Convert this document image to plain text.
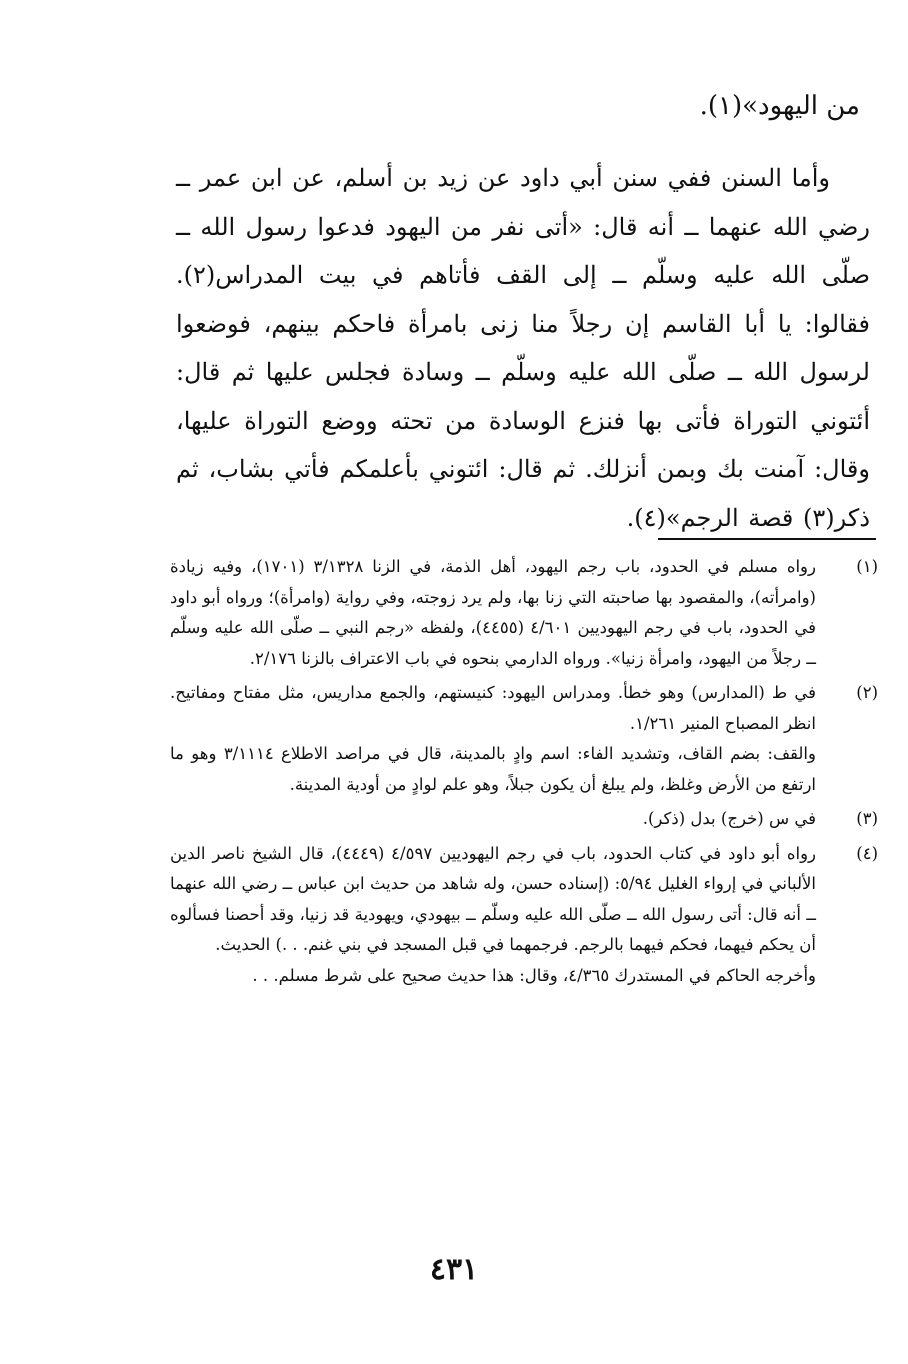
من اليهود»(١).

وأما السنن ففي سنن أبي داود عن زيد بن أسلم، عن ابن عمر ــ رضي الله عنهما ــ أنه قال: «أتى نفر من اليهود فدعوا رسول الله ــ صلّى الله عليه وسلّم ــ إلى القف فأتاهم في بيت المدراس(٢). فقالوا: يا أبا القاسم إن رجلاً منا زنى بامرأة فاحكم بينهم، فوضعوا لرسول الله ــ صلّى الله عليه وسلّم ــ وسادة فجلس عليها ثم قال: أئتوني التوراة فأتى بها فنزع الوسادة من تحته ووضع التوراة عليها، وقال: آمنت بك وبمن أنزلك. ثم قال: ائتوني بأعلمكم فأتي بشاب، ثم ذكر(٣) قصة الرجم»(٤).

(١)

رواه مسلم في الحدود، باب رجم اليهود، أهل الذمة، في الزنا ٣/١٣٢٨ (١٧٠١)، وفيه زيادة (وامرأته)، والمقصود بها صاحبته التي زنا بها، ولم يرد زوجته، وفي رواية (وامرأة)؛ ورواه أبو داود في الحدود، باب في رجم اليهوديين ٤/٦٠١ (٤٤٥٥)، ولفظه «رجم النبي ــ صلّى الله عليه وسلّم ــ رجلاً من اليهود، وامرأة زنيا». ورواه الدارمي بنحوه في باب الاعتراف بالزنا ٢/١٧٦.

(٢)

في ط (المدارس) وهو خطأ. ومدراس اليهود: كنيستهم، والجمع مداريس، مثل مفتاح ومفاتيح. انظر المصباح المنير ١/٢٦١.

والقف: بضم القاف، وتشديد الفاء: اسم وادٍ بالمدينة، قال في مراصد الاطلاع ٣/١١١٤ وهو ما ارتفع من الأرض وغلظ، ولم يبلغ أن يكون جبلاً، وهو علم لوادٍ من أودية المدينة.

(٣)

في س (خرج) بدل (ذكر).

(٤)

رواه أبو داود في كتاب الحدود، باب في رجم اليهوديين ٤/٥٩٧ (٤٤٤٩)، قال الشيخ ناصر الدين الألباني في إرواء الغليل ٥/٩٤: (إسناده حسن، وله شاهد من حديث ابن عباس ــ رضي الله عنهما ــ أنه قال: أتى رسول الله ــ صلّى الله عليه وسلّم ــ بيهودي، ويهودية قد زنيا، وقد أحصنا فسألوه أن يحكم فيهما، فحكم فيهما بالرجم. فرجمهما في قبل المسجد في بني غنم. . .) الحديث.

وأخرجه الحاكم في المستدرك ٤/٣٦٥، وقال: هذا حديث صحيح على شرط مسلم. . .

٤٣١
